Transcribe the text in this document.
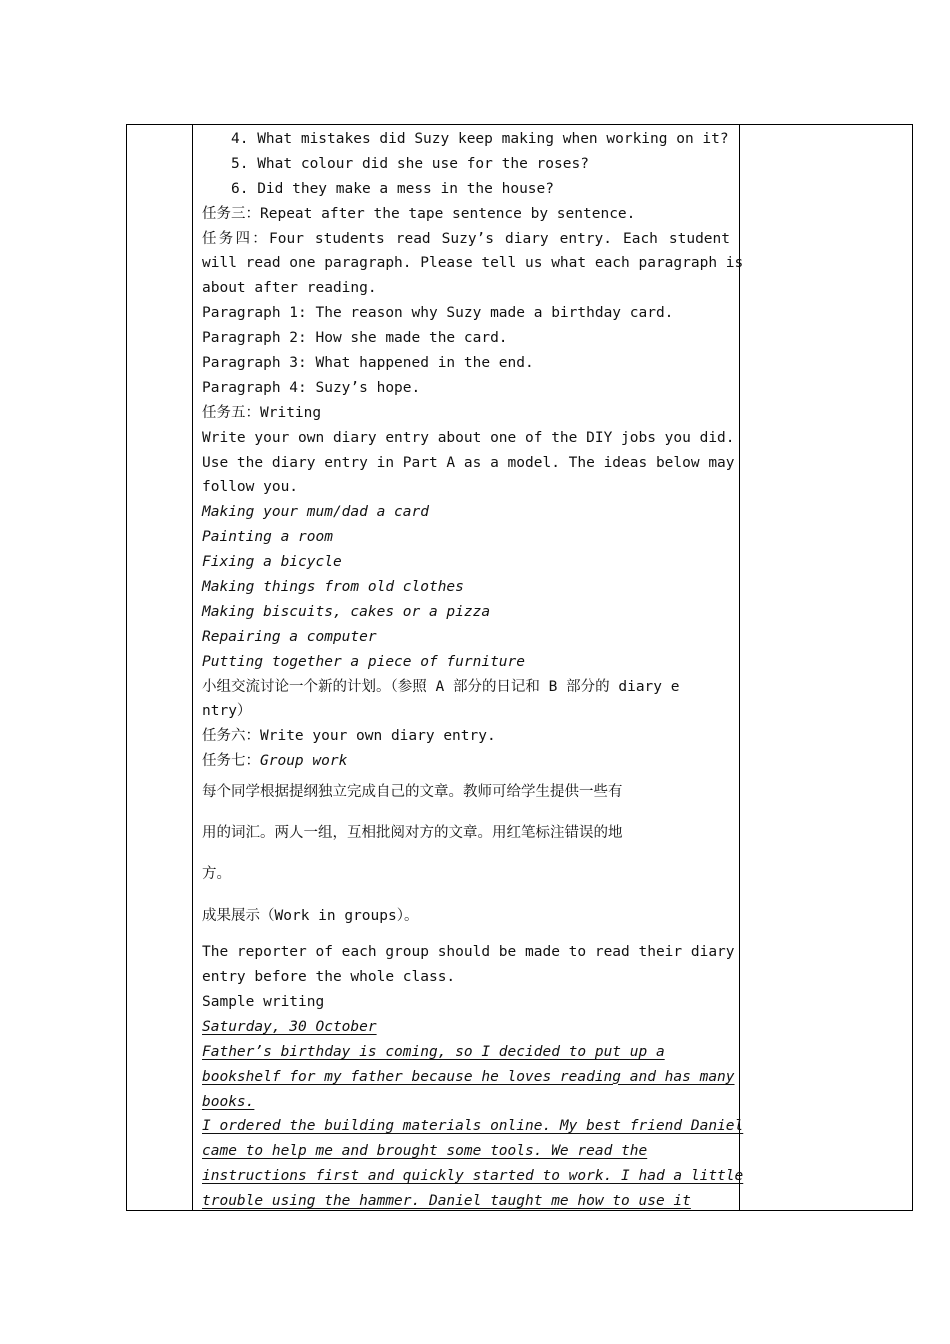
4. What mistakes did Suzy keep making when working on it?
5. What colour did she use for the roses?
6. Did they make a mess in the house?
任务三：Repeat after the tape sentence by sentence.
任务四：Four students read Suzy’s diary entry. Each student
will read one paragraph. Please tell us what each paragraph is
about after reading.
Paragraph 1: The reason why Suzy made a birthday card.
Paragraph 2: How she made the card.
Paragraph 3: What happened in the end.
Paragraph 4: Suzy’s hope.
任务五：Writing
Write your own diary entry about one of the DIY jobs you did.
Use the diary entry in Part A as a model. The ideas below may
follow you.
Making your mum/dad a card
Painting a room
Fixing a bicycle
Making things from old clothes
Making biscuits, cakes or a pizza
Repairing a computer
Putting together a piece of furniture
小组交流讨论一个新的计划。（参照 A 部分的日记和 B 部分的 diary e
ntry）
任务六：Write your own diary entry.
任务七：Group work
每个同学根据提纲独立完成自己的文章。教师可给学生提供一些有
用的词汇。两人一组，互相批阅对方的文章。用红笔标注错误的地
方。
成果展示（Work in groups）。
The reporter of each group should be made to read their diary
entry before the whole class.
Sample writing
Saturday, 30 October
Father’s birthday is coming, so I decided to put up a
bookshelf for my father because he loves reading and has many
books.
I ordered the building materials online. My best friend Daniel
came to help me and brought some tools. We read the
instructions first and quickly started to work. I had a little
trouble using the hammer. Daniel taught me how to use it
